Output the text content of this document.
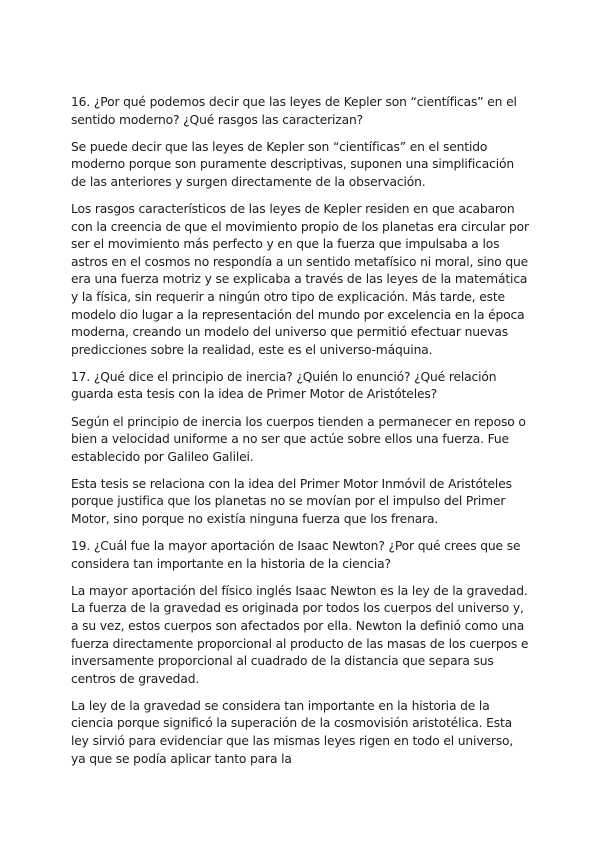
16. ¿Por qué podemos decir que las leyes de Kepler son “científicas” en el sentido moderno? ¿Qué rasgos las caracterizan?

Se puede decir que las leyes de Kepler son “científicas” en el sentido moderno porque son puramente descriptivas, suponen una simplificación de las anteriores y surgen directamente de la observación.

Los rasgos característicos de las leyes de Kepler residen en que acabaron con la creencia de que el movimiento propio de los planetas era circular por ser el movimiento más perfecto y en que la fuerza que impulsaba a los astros en el cosmos no respondía a un sentido metafísico ni moral, sino que era una fuerza motriz y se explicaba a través de las leyes de la matemática y la física, sin requerir a ningún otro tipo de explicación. Más tarde, este modelo dio lugar a la representación del mundo por excelencia en la época moderna, creando un modelo del universo que permitió efectuar nuevas predicciones sobre la realidad, este es el universo-máquina.

17. ¿Qué dice el principio de inercia? ¿Quién lo enunció? ¿Qué relación guarda esta tesis con la idea de Primer Motor de Aristóteles?

Según el principio de inercia los cuerpos tienden a permanecer en reposo o bien a velocidad uniforme a no ser que actúe sobre ellos una fuerza. Fue establecido por Galileo Galilei.

Esta tesis se relaciona con la idea del Primer Motor Inmóvil de Aristóteles porque justifica que los planetas no se movían por el impulso del Primer Motor, sino porque no existía ninguna fuerza que los frenara.

19. ¿Cuál fue la mayor aportación de Isaac Newton? ¿Por qué crees que se considera tan importante en la historia de la ciencia?

La mayor aportación del físico inglés Isaac Newton es la ley de la gravedad. La fuerza de la gravedad es originada por todos los cuerpos del universo y, a su vez, estos cuerpos son afectados por ella. Newton la definió como una fuerza directamente proporcional al producto de las masas de los cuerpos e inversamente proporcional al cuadrado de la distancia que separa sus centros de gravedad.

La ley de la gravedad se considera tan importante en la historia de la ciencia porque significó la superación de la cosmovisión aristotélica. Esta ley sirvió para evidenciar que las mismas leyes rigen en todo el universo, ya que se podía aplicar tanto para la
